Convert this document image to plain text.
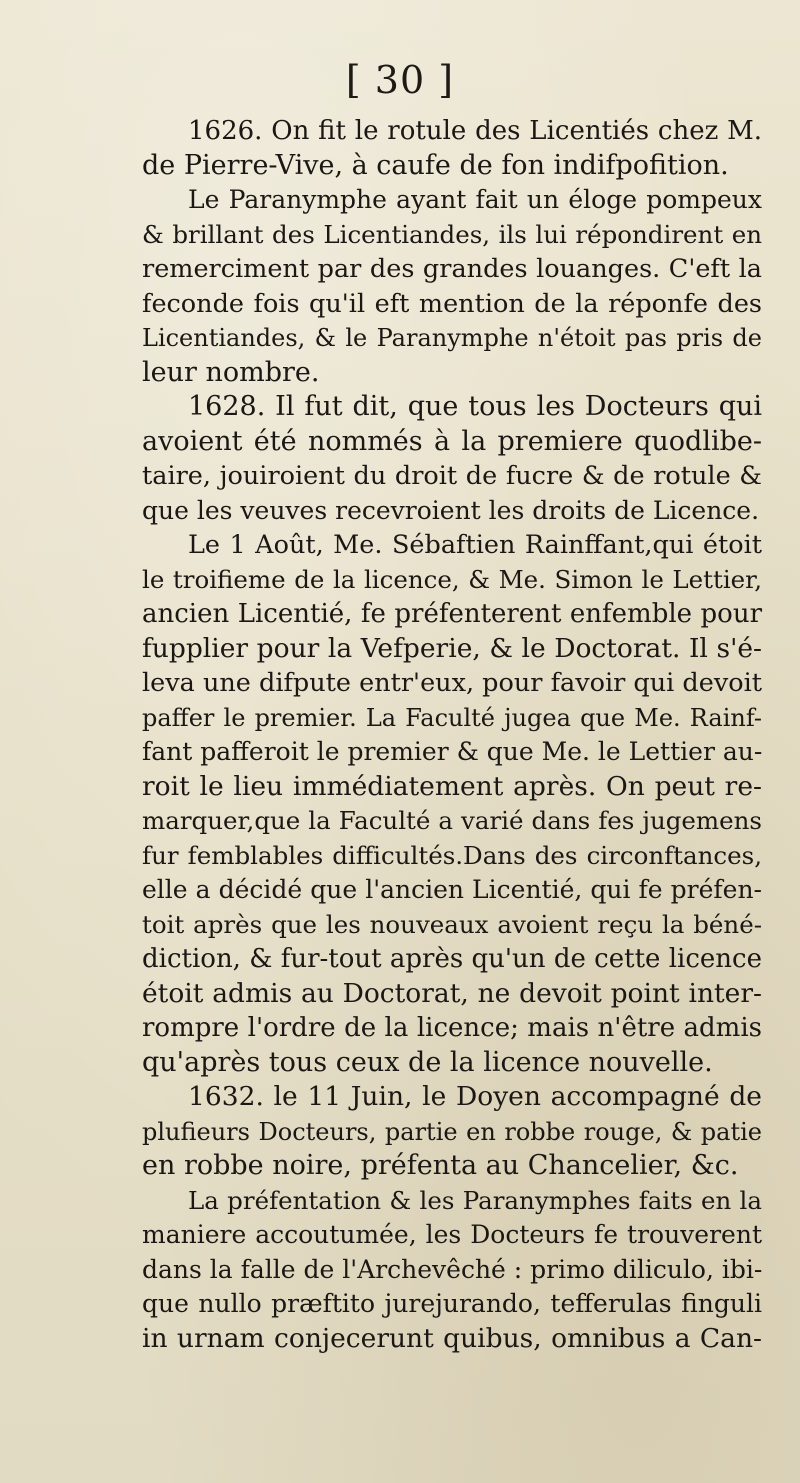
[ 30 ]
1626. On fit le rotule des Licentiés chez M.
de Pierre-Vive, à caufe de fon indifpofition.
Le Paranymphe ayant fait un éloge pompeux
& brillant des Licentiandes, ils lui répondirent en
remerciment par des grandes louanges. C'eft la
feconde fois qu'il eft mention de la réponfe des
Licentiandes, & le Paranymphe n'étoit pas pris de
leur nombre.
1628. Il fut dit, que tous les Docteurs qui
avoient été nommés à la premiere quodlibe-
taire, jouiroient du droit de fucre & de rotule &
que les veuves recevroient les droits de Licence.
Le 1 Août, Me. Sébaftien Rainffant,qui étoit
le troifieme de la licence, & Me. Simon le Lettier,
ancien Licentié, fe préfenterent enfemble pour
fupplier pour la Vefperie, & le Doctorat. Il s'é-
leva une difpute entr'eux, pour favoir qui devoit
paffer le premier. La Faculté jugea que Me. Rainf-
fant pafferoit le premier & que Me. le Lettier au-
roit le lieu immédiatement après. On peut re-
marquer,que la Faculté a varié dans fes jugemens
fur femblables difficultés.Dans des circonftances,
elle a décidé que l'ancien Licentié, qui fe préfen-
toit après que les nouveaux avoient reçu la béné-
diction, & fur-tout après qu'un de cette licence
étoit admis au Doctorat, ne devoit point inter-
rompre l'ordre de la licence; mais n'être admis
qu'après tous ceux de la licence nouvelle.
1632. le 11 Juin, le Doyen accompagné de
plufieurs Docteurs, partie en robbe rouge, & patie
en robbe noire, préfenta au Chancelier, &c.
La préfentation & les Paranymphes faits en la
maniere accoutumée, les Docteurs fe trouverent
dans la falle de l'Archevêché : primo diliculo, ibi-
que nullo præftito jurejurando, tefferulas finguli
in urnam conjecerunt quibus, omnibus a Can-
